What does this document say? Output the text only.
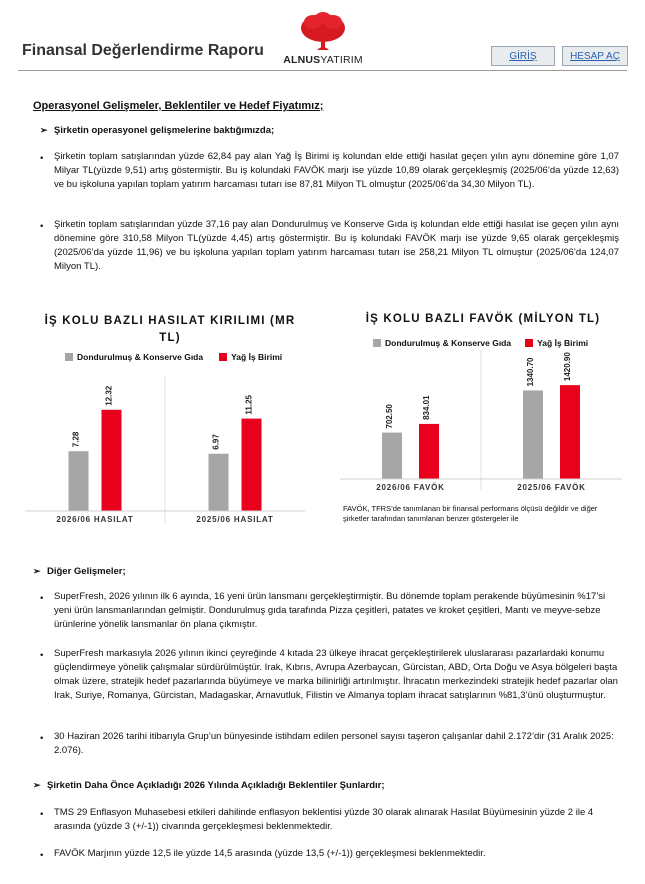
Finansal Değerlendirme Raporu
ALNUSYATIRIM	GİRİŞ	HESAP AÇ
Operasyonel Gelişmeler, Beklentiler ve Hedef Fiyatımız;
➢ Şirketin operasyonel gelişmelerine baktığımızda;
• Şirketin toplam satışlarından yüzde 62,84 pay alan Yağ İş Birimi iş kolundan elde ettiği hasılat geçen yılın aynı dönemine göre 1,07 Milyar TL(yüzde 9,51) artış göstermiştir. Bu iş kolundaki FAVÖK marjı ise yüzde 10,89 olarak gerçekleşmiş (2025/06’da yüzde 12,63) ve bu işkoluna yapılan toplam yatırım harcaması tutarı ise 87,81 Milyon TL olmuştur (2025/06’da 34,30 Milyon TL).
• Şirketin toplam satışlarından yüzde 37,16 pay alan Dondurulmuş ve Konserve Gıda iş kolundan elde ettiği hasılat ise geçen yılın aynı dönemine göre 310,58 Milyon TL(yüzde 4,45) artış göstermiştir. Bu iş kolundaki FAVÖK marjı ise yüzde 9,65 olarak gerçekleşmiş (2025/06’da yüzde 11,96) ve bu işkoluna yapılan toplam yatırım harcaması tutarı ise 258,21 Milyon TL olmuştur (2025/06’da 124,07 Milyon TL).
İŞ KOLU BAZLI HASILAT KIRILIMI (MR TL)
Dondurulmuş & Konserve Gıda	Yağ İş Birimi
7.28
12.32
2026/06 HASILAT
6.97
11.25
2025/06 HASILAT
İŞ KOLU BAZLI FAVÖK (MİLYON TL)
Dondurulmuş & Konserve Gıda	Yağ İş Birimi
702.50	834.01
2026/06 FAVÖK
1340.70	1420.90
2025/06 FAVÖK
FAVÖK, TFRS’de tanımlanan bir finansal performans ölçüsü değildir ve diğer şirketler tarafından tanımlanan benzer göstergeler ile
➢ Diğer Gelişmeler;
• SuperFresh, 2026 yılının ilk 6 ayında, 16 yeni ürün lansmanı gerçekleştirmiştir. Bu dönemde toplam perakende büyümesinin %17’si yeni ürün lansmanlarından gelmiştir. Dondurulmuş gıda tarafında Pizza çeşitleri, patates ve kroket çeşitleri, Mantı ve meyve-sebze ürünlerine yönelik lansmanlar ön plana çıkmıştır.
• SuperFresh markasıyla 2026 yılının ikinci çeyreğinde 4 kıtada 23 ülkeye ihracat gerçekleştirilerek uluslararası pazarlardaki konumu güçlendirmeye yönelik çalışmalar sürdürülmüştür. Irak, Kıbrıs, Avrupa Azerbaycan, Gürcistan, ABD, Orta Doğu ve Asya bölgeleri başta olmak üzere, stratejik hedef pazarlarında büyümeye ve marka bilinirliği artırılmıştır. İhracatın merkezindeki stratejik hedef pazarlar olan Irak, Suriye, Romanya, Gürcistan, Madagaskar, Arnavutluk, Filistin ve Almanya toplam ihracat satışlarının %81,3’ünü oluşturmuştur.
• 30 Haziran 2026 tarihi itibarıyla Grup’un bünyesinde istihdam edilen personel sayısı taşeron çalışanlar dahil 2.172’dir (31 Aralık 2025: 2.076).
➢ Şirketin Daha Önce Açıkladığı 2026 Yılında Açıkladığı Beklentiler Şunlardır;
• TMS 29 Enflasyon Muhasebesi etkileri dahilinde enflasyon beklentisi yüzde 30 olarak alınarak Hasılat Büyümesinin yüzde 2 ile 4 arasında (yüzde 3 (+/-1)) civarında gerçekleşmesi beklenmektedir.
• FAVÖK Marjının yüzde 12,5 ile yüzde 14,5 arasında (yüzde 13,5 (+/-1)) gerçekleşmesi beklenmektedir.
